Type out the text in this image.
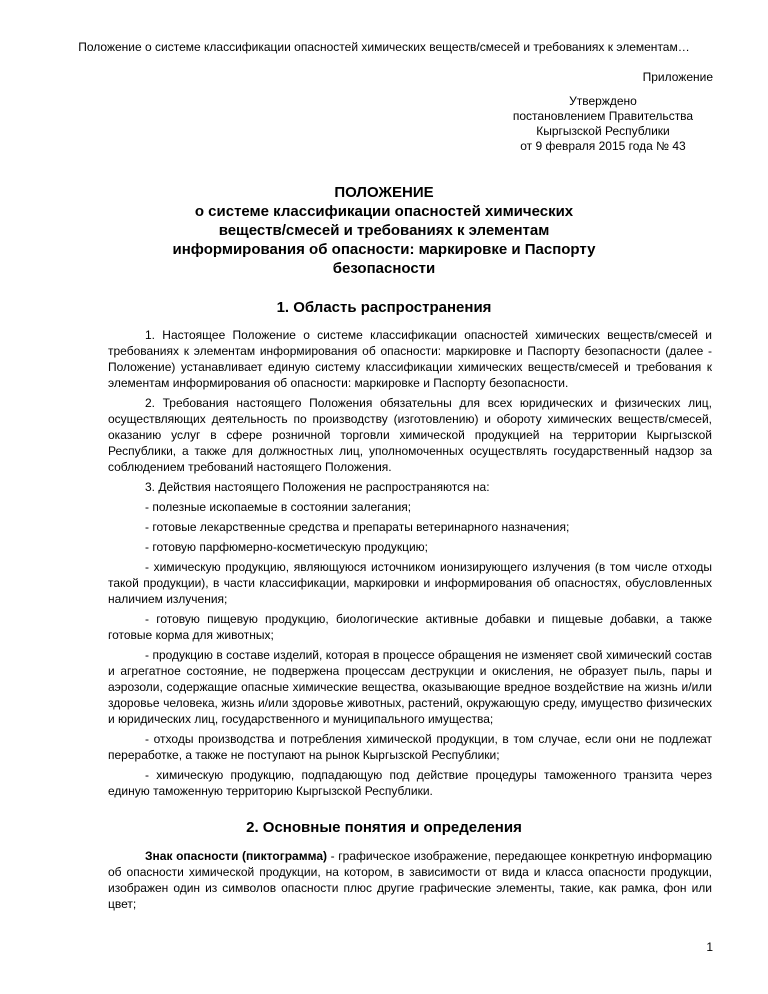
Положение о системе классификации опасностей химических веществ/смесей и требованиях к элементам…
Приложение
Утверждено
постановлением Правительства
Кыргызской Республики
от 9 февраля 2015 года № 43
ПОЛОЖЕНИЕ
о системе классификации опасностей химических
веществ/смесей и требованиях к элементам
информирования об опасности: маркировке и Паспорту
безопасности
1. Область распространения

1. Настоящее Положение о системе классификации опасностей химических веществ/смесей и требованиях к элементам информирования об опасности: маркировке и Паспорту безопасности (далее - Положение) устанавливает единую систему классификации химических веществ/смесей и требования к элементам информирования об опасности: маркировке и Паспорту безопасности.

2. Требования настоящего Положения обязательны для всех юридических и физических лиц, осуществляющих деятельность по производству (изготовлению) и обороту химических веществ/смесей, оказанию услуг в сфере розничной торговли химической продукцией на территории Кыргызской Республики, а также для должностных лиц, уполномоченных осуществлять государственный надзор за соблюдением требований настоящего Положения.

3. Действия настоящего Положения не распространяются на:

- полезные ископаемые в состоянии залегания;

- готовые лекарственные средства и препараты ветеринарного назначения;

- готовую парфюмерно-косметическую продукцию;

- химическую продукцию, являющуюся источником ионизирующего излучения (в том числе отходы такой продукции), в части классификации, маркировки и информирования об опасностях, обусловленных наличием излучения;

- готовую пищевую продукцию, биологические активные добавки и пищевые добавки, а также готовые корма для животных;

- продукцию в составе изделий, которая в процессе обращения не изменяет свой химический состав и агрегатное состояние, не подвержена процессам деструкции и окисления, не образует пыль, пары и аэрозоли, содержащие опасные химические вещества, оказывающие вредное воздействие на жизнь и/или здоровье человека, жизнь и/или здоровье животных, растений, окружающую среду, имущество физических и юридических лиц, государственного и муниципального имущества;

- отходы производства и потребления химической продукции, в том случае, если они не подлежат переработке, а также не поступают на рынок Кыргызской Республики;

- химическую продукцию, подпадающую под действие процедуры таможенного транзита через единую таможенную территорию Кыргызской Республики.

2. Основные понятия и определения

Знак опасности (пиктограмма) - графическое изображение, передающее конкретную информацию об опасности химической продукции, на котором, в зависимости от вида и класса опасности продукции, изображен один из символов опасности плюс другие графические элементы, такие, как рамка, фон или цвет;

1
